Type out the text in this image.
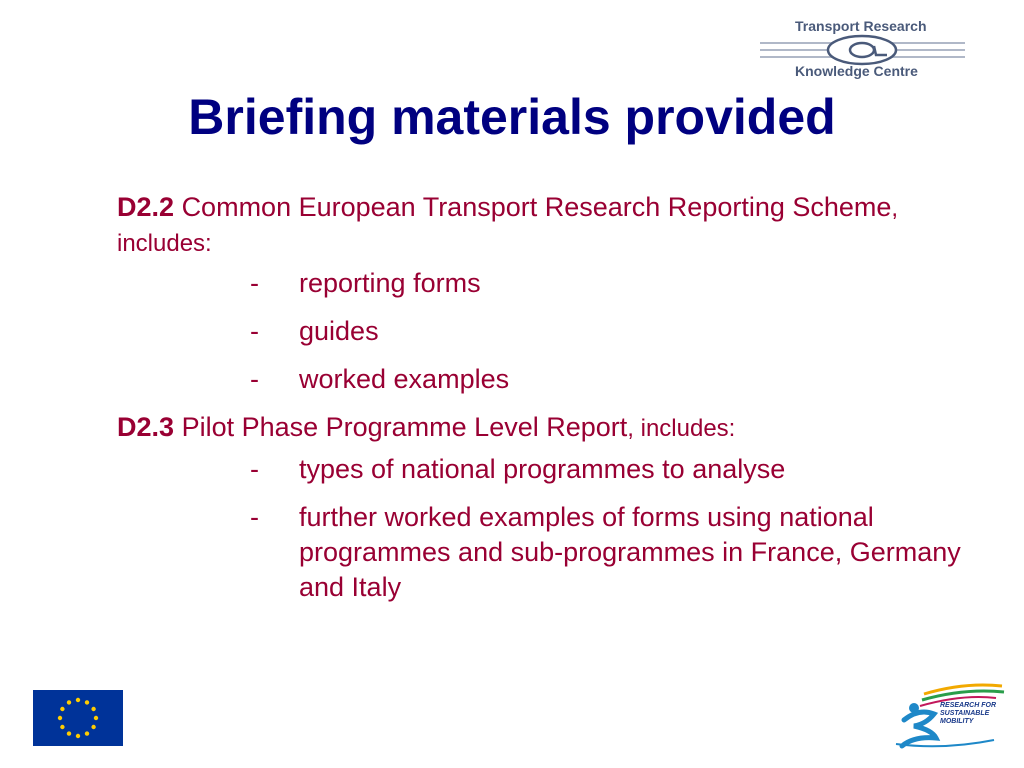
Transport Research
Knowledge Centre
Briefing materials provided
D2.2 Common European Transport Research Reporting Scheme, includes:
-	reporting forms
-	guides
-	worked examples
D2.3 Pilot Phase Programme Level Report, includes:
-	types of national programmes to analyse
-	further worked examples of forms using national programmes and sub-programmes in France, Germany and Italy
RESEARCH FOR
SUSTAINABLE
MOBILITY
